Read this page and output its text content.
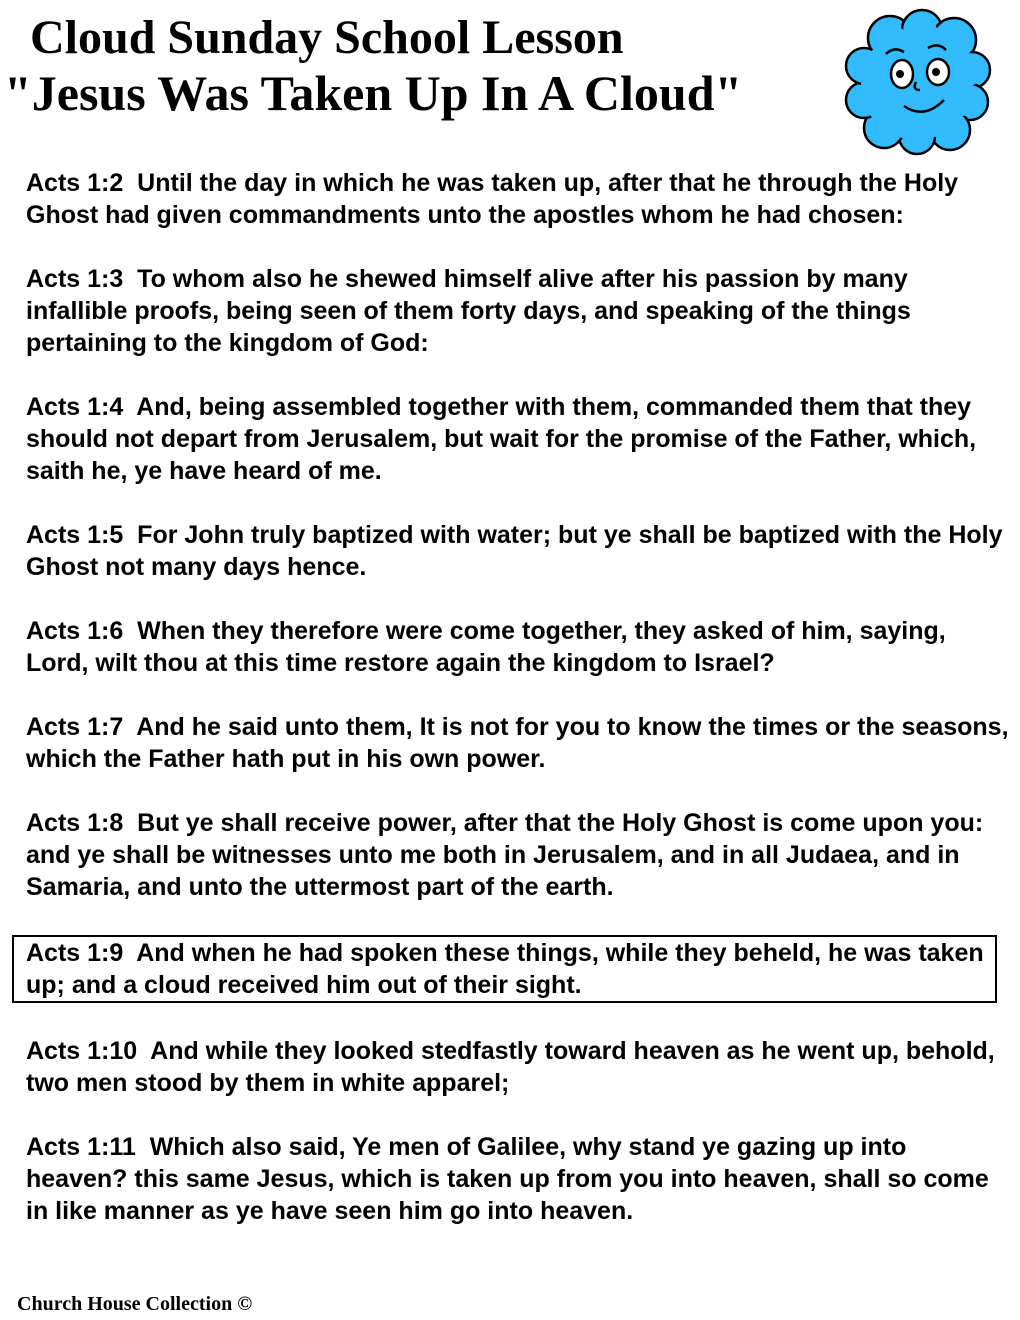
Cloud Sunday School Lesson
"Jesus Was Taken Up In A Cloud"

Acts 1:2 Until the day in which he was taken up, after that he through the Holy Ghost had given commandments unto the apostles whom he had chosen:

Acts 1:3 To whom also he shewed himself alive after his passion by many infallible proofs, being seen of them forty days, and speaking of the things pertaining to the kingdom of God:

Acts 1:4 And, being assembled together with them, commanded them that they should not depart from Jerusalem, but wait for the promise of the Father, which, saith he, ye have heard of me.

Acts 1:5 For John truly baptized with water; but ye shall be baptized with the Holy Ghost not many days hence.

Acts 1:6 When they therefore were come together, they asked of him, saying, Lord, wilt thou at this time restore again the kingdom to Israel?

Acts 1:7 And he said unto them, It is not for you to know the times or the seasons, which the Father hath put in his own power.

Acts 1:8 But ye shall receive power, after that the Holy Ghost is come upon you: and ye shall be witnesses unto me both in Jerusalem, and in all Judaea, and in Samaria, and unto the uttermost part of the earth.

Acts 1:9 And when he had spoken these things, while they beheld, he was taken up; and a cloud received him out of their sight.

Acts 1:10 And while they looked stedfastly toward heaven as he went up, behold, two men stood by them in white apparel;

Acts 1:11 Which also said, Ye men of Galilee, why stand ye gazing up into heaven? this same Jesus, which is taken up from you into heaven, shall so come in like manner as ye have seen him go into heaven.

Church House Collection ©
